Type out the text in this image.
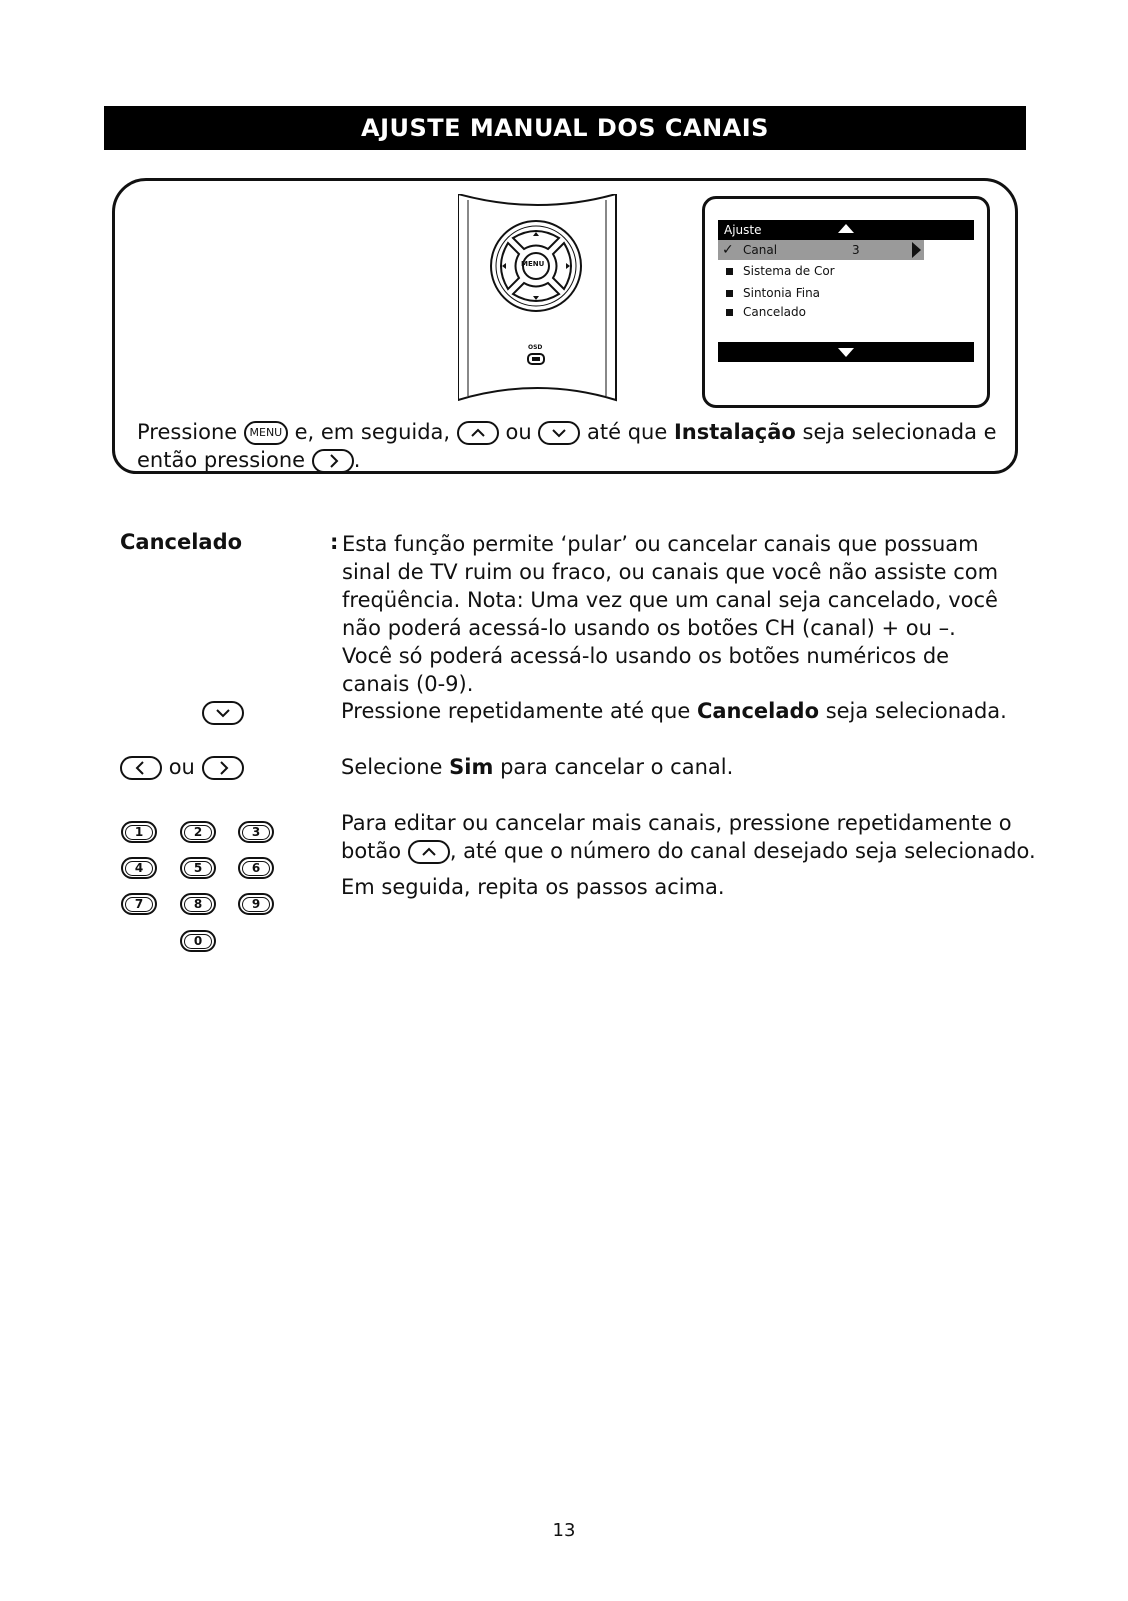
AJUSTE MANUAL DOS CANAIS
MENU
OSD
Ajuste
✓ Canal	3
Sistema de Cor
Sintonia Fina
Cancelado
Pressione MENU e, em seguida,	ou	até que Instalação seja selecionada e
então pressione .
Cancelado	: Esta função permite ‘pular’ ou cancelar canais que possuam sinal de TV ruim ou fraco, ou canais que você não assiste com freqüência. Nota: Uma vez que um canal seja cancelado, você não poderá acessá-lo usando os botões CH (canal) + ou –. Você só poderá acessá-lo usando os botões numéricos de canais (0-9).
Pressione repetidamente até que Cancelado seja selecionada.
ou	Selecione Sim para cancelar o canal.
1	2	3
4	5	6
7	8	9
0
Para editar ou cancelar mais canais, pressione repetidamente o
botão , até que o número do canal desejado seja selecionado.
Em seguida, repita os passos acima.
13
